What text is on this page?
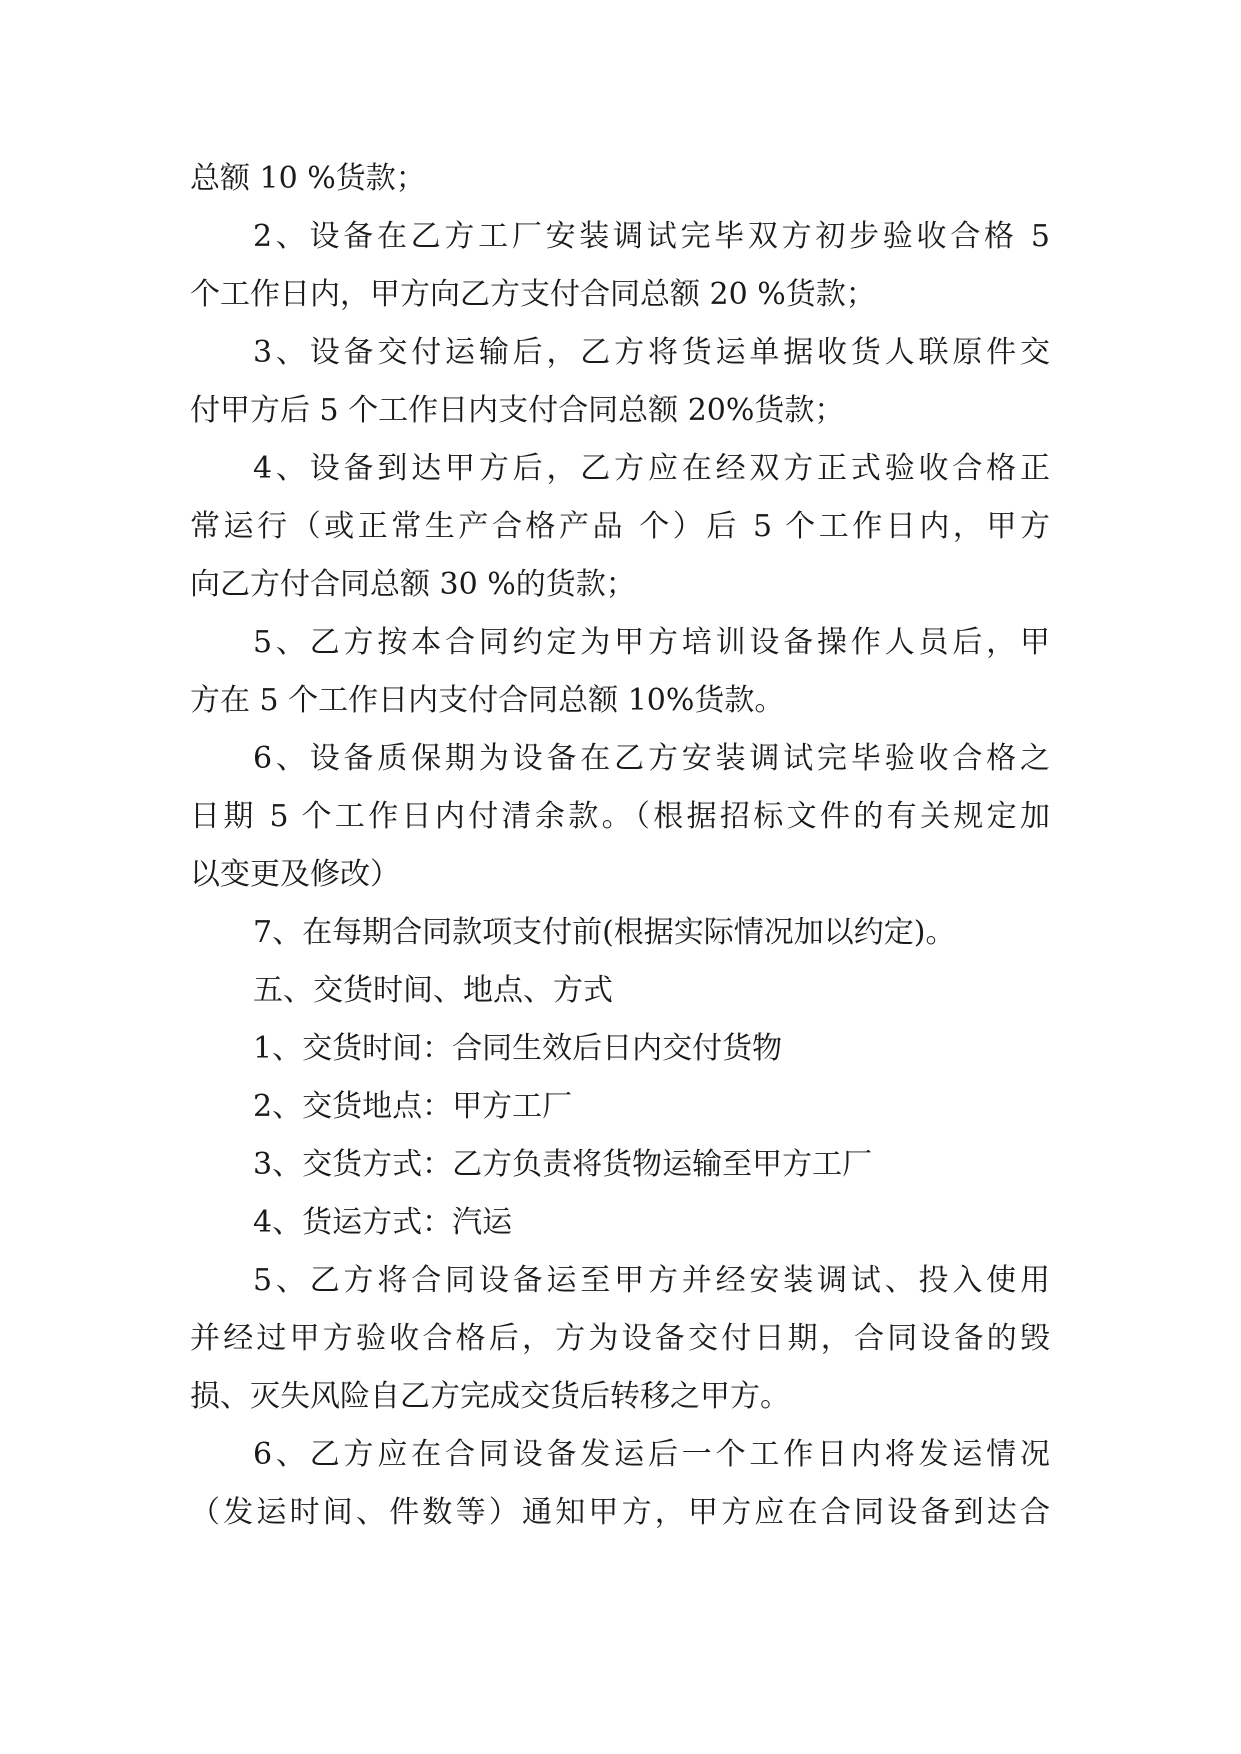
总额 10 %货款；
2、设备在乙方工厂安装调试完毕双方初步验收合格 5
个工作日内，甲方向乙方支付合同总额 20 %货款；
3、设备交付运输后，乙方将货运单据收货人联原件交
付甲方后 5 个工作日内支付合同总额 20%货款；
4、设备到达甲方后，乙方应在经双方正式验收合格正
常运行（或正常生产合格产品 个）后 5 个工作日内，甲方
向乙方付合同总额 30 %的货款；
5、乙方按本合同约定为甲方培训设备操作人员后，甲
方在 5 个工作日内支付合同总额 10%货款。
6、设备质保期为设备在乙方安装调试完毕验收合格之
日期 5 个工作日内付清余款。（根据招标文件的有关规定加
以变更及修改）
7、在每期合同款项支付前(根据实际情况加以约定)。
五、交货时间、地点、方式
1、交货时间：合同生效后日内交付货物
2、交货地点：甲方工厂
3、交货方式：乙方负责将货物运输至甲方工厂
4、货运方式：汽运
5、乙方将合同设备运至甲方并经安装调试、投入使用
并经过甲方验收合格后，方为设备交付日期，合同设备的毁
损、灭失风险自乙方完成交货后转移之甲方。
6、乙方应在合同设备发运后一个工作日内将发运情况
（发运时间、件数等）通知甲方，甲方应在合同设备到达合
